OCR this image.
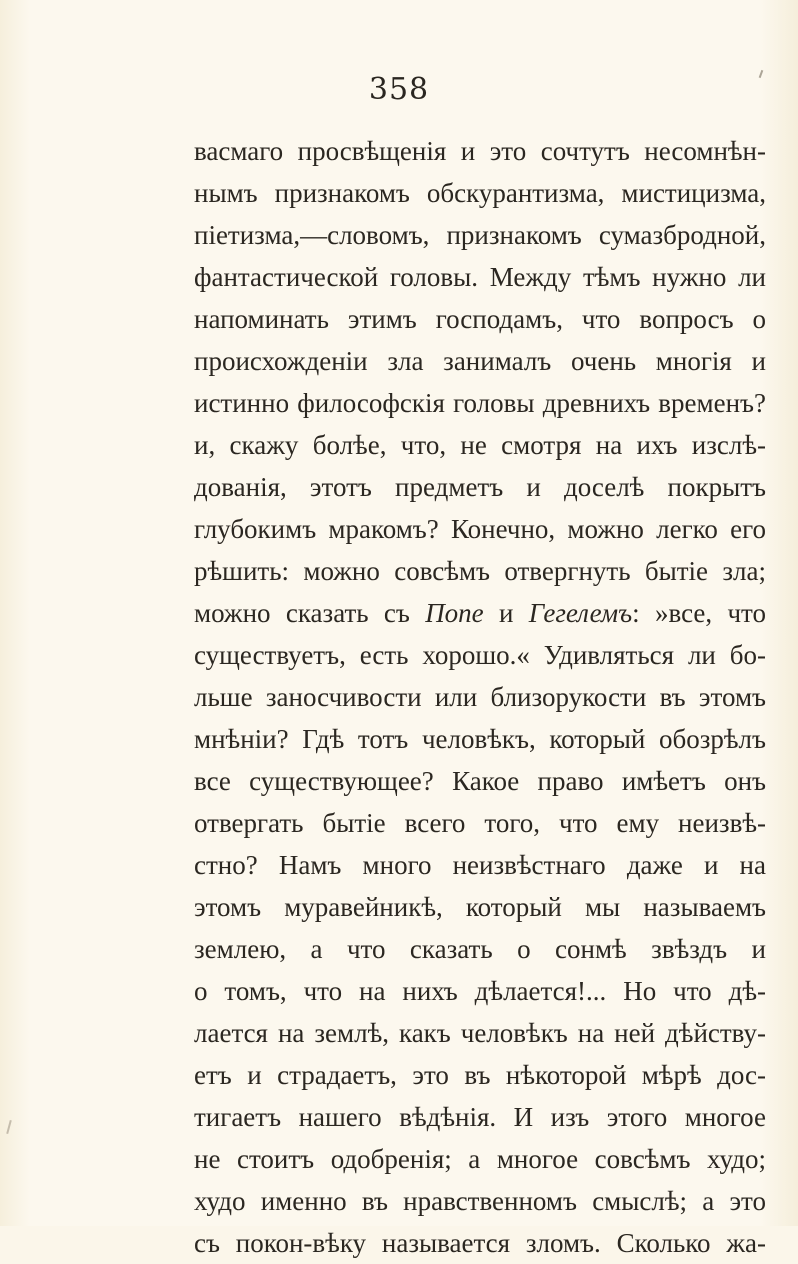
358
васмаго просвѣщенія и это сочтутъ несомнѣн-
нымъ признакомъ обскурантизма, мистицизма,
піетизма,—словомъ, признакомъ сумазбродной,
фантастической головы. Между тѣмъ нужно ли
напоминать этимъ господамъ, что вопросъ о
происхожденіи зла занималъ очень многія и
истинно философскія головы древнихъ временъ?
и, скажу болѣе, что, не смотря на ихъ изслѣ-
дованія, этотъ предметъ и доселѣ покрытъ
глубокимъ мракомъ? Конечно, можно легко его
рѣшить: можно совсѣмъ отвергнуть бытіе зла;
можно сказать съ Попе и Гегелемъ: »все, что
существуетъ, есть хорошо.« Удивляться ли бо-
льше заносчивости или близорукости въ этомъ
мнѣніи? Гдѣ тотъ человѣкъ, который обозрѣлъ
все существующее? Какое право имѣетъ онъ
отвергать бытіе всего того, что ему неизвѣ-
стно? Намъ много неизвѣстнаго даже и на
этомъ муравейникѣ, который мы называемъ
землею, а что сказать о сонмѣ звѣздъ и
о томъ, что на нихъ дѣлается!... Но что дѣ-
лается на землѣ, какъ человѣкъ на ней дѣйству-
етъ и страдаетъ, это въ нѣкоторой мѣрѣ дос-
тигаетъ нашего вѣдѣнія. И изъ этого многое
не стоитъ одобренія; а многое совсѣмъ худо;
худо именно въ нравственномъ смыслѣ; а это
съ покон-вѣку называется зломъ. Сколько жа-
